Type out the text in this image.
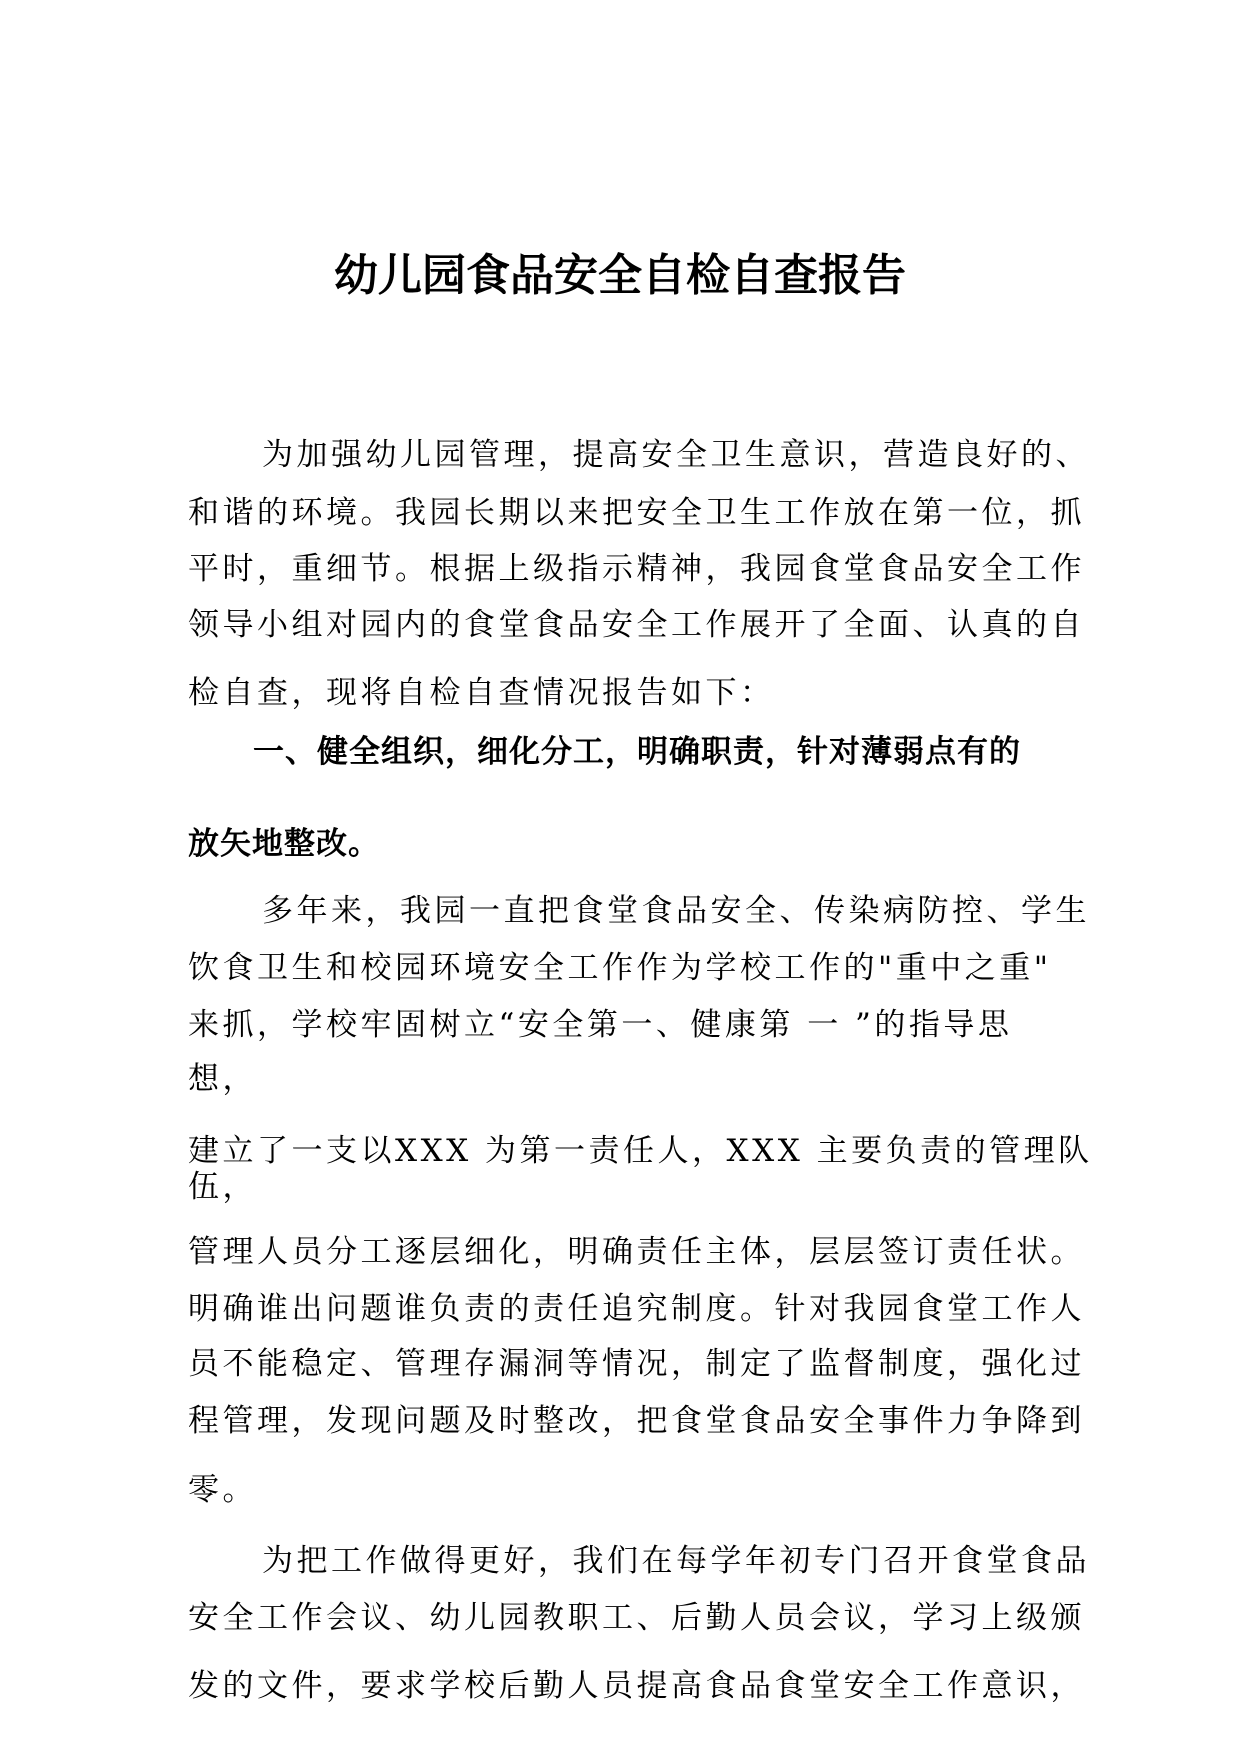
幼儿园食品安全自检自查报告
为加强幼儿园管理，提高安全卫生意识，营造良好的、
和谐的环境。我园长期以来把安全卫生工作放在第一位，抓
平时，重细节。根据上级指示精神，我园食堂食品安全工作
领导小组对园内的食堂食品安全工作展开了全面、认真的自
检自查，现将自检自查情况报告如下：
一、健全组织，细化分工，明确职责，针对薄弱点有的
放矢地整改。
多年来，我园一直把食堂食品安全、传染病防控、学生
饮食卫生和校园环境安全工作作为学校工作的"重中之重"
来抓，学校牢固树立“安全第一、健康第 一 ”的指导思
想，
建立了一支以XXX 为第一责任人，XXX 主要负责的管理队
伍，
管理人员分工逐层细化，明确责任主体，层层签订责任状。
明确谁出问题谁负责的责任追究制度。针对我园食堂工作人
员不能稳定、管理存漏洞等情况，制定了监督制度，强化过
程管理，发现问题及时整改，把食堂食品安全事件力争降到
零。
为把工作做得更好，我们在每学年初专门召开食堂食品
安全工作会议、幼儿园教职工、后勤人员会议，学习上级颁
发的文件，要求学校后勤人员提高食品食堂安全工作意识，
